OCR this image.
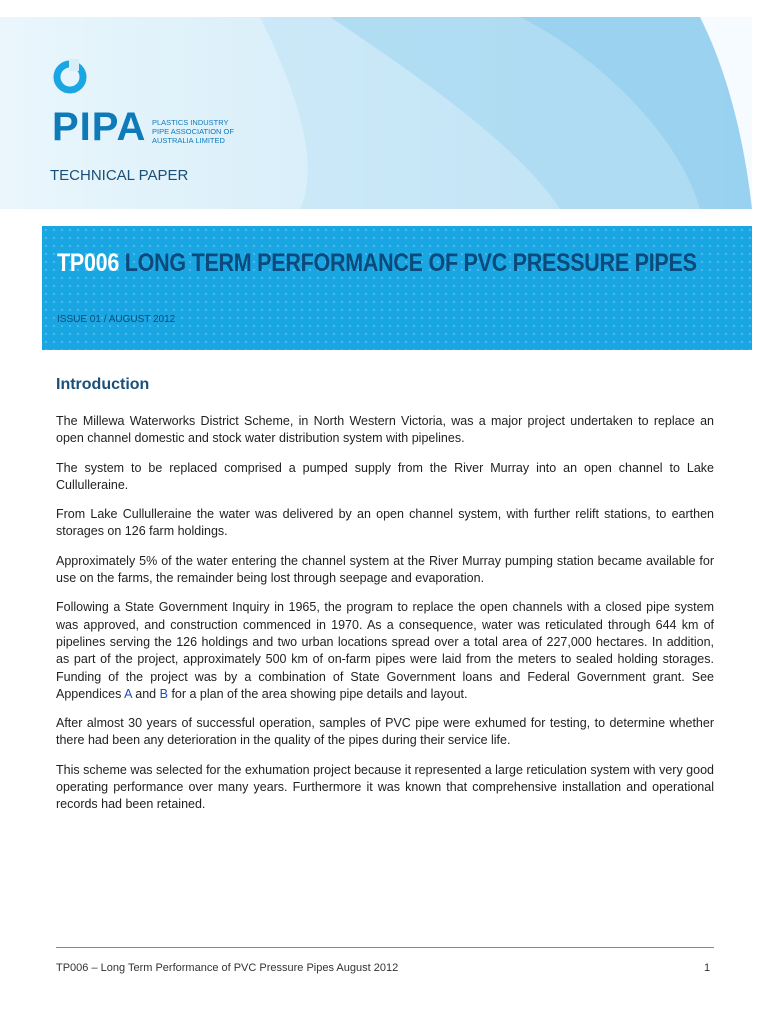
PIPA PLASTICS INDUSTRY PIPE ASSOCIATION OF AUSTRALIA LIMITED
TECHNICAL PAPER
TP006 LONG TERM PERFORMANCE OF PVC PRESSURE PIPES
ISSUE 01 / AUGUST 2012
Introduction

The Millewa Waterworks District Scheme, in North Western Victoria, was a major project undertaken to replace an open channel domestic and stock water distribution system with pipelines.

The system to be replaced comprised a pumped supply from the River Murray into an open channel to Lake Cullulleraine.

From Lake Cullulleraine the water was delivered by an open channel system, with further relift stations, to earthen storages on 126 farm holdings.

Approximately 5% of the water entering the channel system at the River Murray pumping station became available for use on the farms, the remainder being lost through seepage and evaporation.

Following a State Government Inquiry in 1965, the program to replace the open channels with a closed pipe system was approved, and construction commenced in 1970. As a consequence, water was reticulated through 644 km of pipelines serving the 126 holdings and two urban locations spread over a total area of 227,000 hectares. In addition, as part of the project, approximately 500 km of on-farm pipes were laid from the meters to sealed holding storages. Funding of the project was by a combination of State Government loans and Federal Government grant. See Appendices A and B for a plan of the area showing pipe details and layout.

After almost 30 years of successful operation, samples of PVC pipe were exhumed for testing, to determine whether there had been any deterioration in the quality of the pipes during their service life.

This scheme was selected for the exhumation project because it represented a large reticulation system with very good operating performance over many years. Furthermore it was known that comprehensive installation and operational records had been retained.

TP006 – Long Term Performance of PVC Pressure Pipes August 2012	1
